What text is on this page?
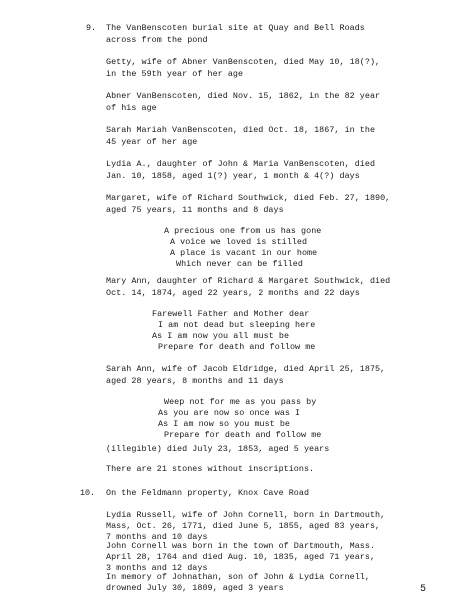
9. The VanBenscoten burial site at Quay and Bell Roads
across from the pond
Getty, wife of Abner VanBenscoten, died May 10, 18(?),
in the 59th year of her age
Abner VanBenscoten, died Nov. 15, 1862, in the 82 year
of his age
Sarah Mariah VanBenscoten, died Oct. 18, 1867, in the
45 year of her age
Lydia A., daughter of John & Maria VanBenscoten, died
Jan. 10, 1858, aged 1(?) year, 1 month & 4(?) days
Margaret, wife of Richard Southwick, died Feb. 27, 1890,
aged 75 years, 11 months and 8 days
A precious one from us has gone
A voice we loved is stilled
A place is vacant in our home
Which never can be filled
Mary Ann, daughter of Richard & Margaret Southwick, died
Oct. 14, 1874, aged 22 years, 2 months and 22 days
Farewell Father and Mother dear
I am not dead but sleeping here
As I am now you all must be
Prepare for death and follow me
Sarah Ann, wife of Jacob Eldridge, died April 25, 1875,
aged 28 years, 8 months and 11 days
Weep not for me as you pass by
As you are now so once was I
As I am now so you must be
Prepare for death and follow me
(illegible) died July 23, 1853, aged 5 years
There are 21 stones without inscriptions.
10. On the Feldmann property, Knox Cave Road
5
Lydia Russell, wife of John Cornell, born in Dartmouth,
Mass, Oct. 26, 1771, died June 5, 1855, aged 83 years,
7 months and 10 days
John Cornell was born in the town of Dartmouth, Mass.
April 28, 1764 and died Aug. 10, 1835, aged 71 years,
3 months and 12 days
In memory of Johnathan, son of John & Lydia Cornell,
drowned July 30, 1809, aged 3 years
